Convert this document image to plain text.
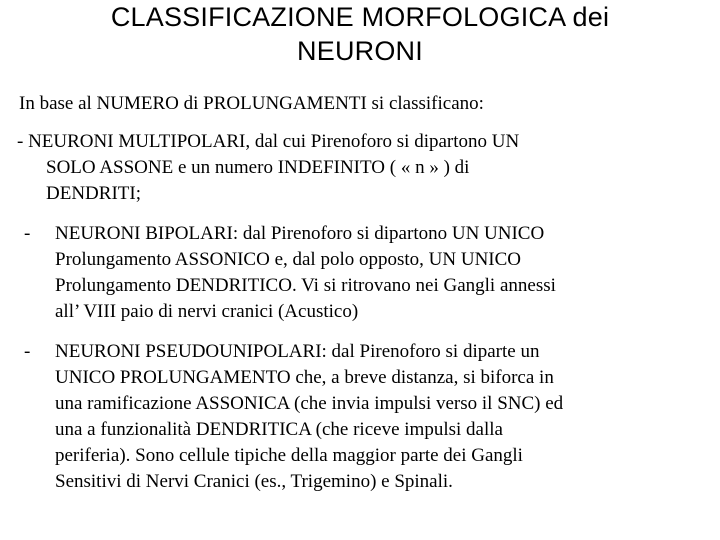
CLASSIFICAZIONE MORFOLOGICA dei
NEURONI

In base al NUMERO di PROLUNGAMENTI si classificano:

- NEURONI MULTIPOLARI, dal cui Pirenoforo si dipartono UN
SOLO ASSONE e un numero INDEFINITO ( « n » ) di
DENDRITI;
- NEURONI BIPOLARI: dal Pirenoforo si dipartono UN UNICO
Prolungamento ASSONICO e, dal polo opposto, UN UNICO
Prolungamento DENDRITICO. Vi si ritrovano nei Gangli annessi
all’ VIII paio di nervi cranici (Acustico)
- NEURONI PSEUDOUNIPOLARI: dal Pirenoforo si diparte un
UNICO PROLUNGAMENTO che, a breve distanza, si biforca in
una ramificazione ASSONICA (che invia impulsi verso il SNC) ed
una a funzionalità DENDRITICA (che riceve impulsi dalla
periferia). Sono cellule tipiche della maggior parte dei Gangli
Sensitivi di Nervi Cranici (es., Trigemino) e Spinali.
